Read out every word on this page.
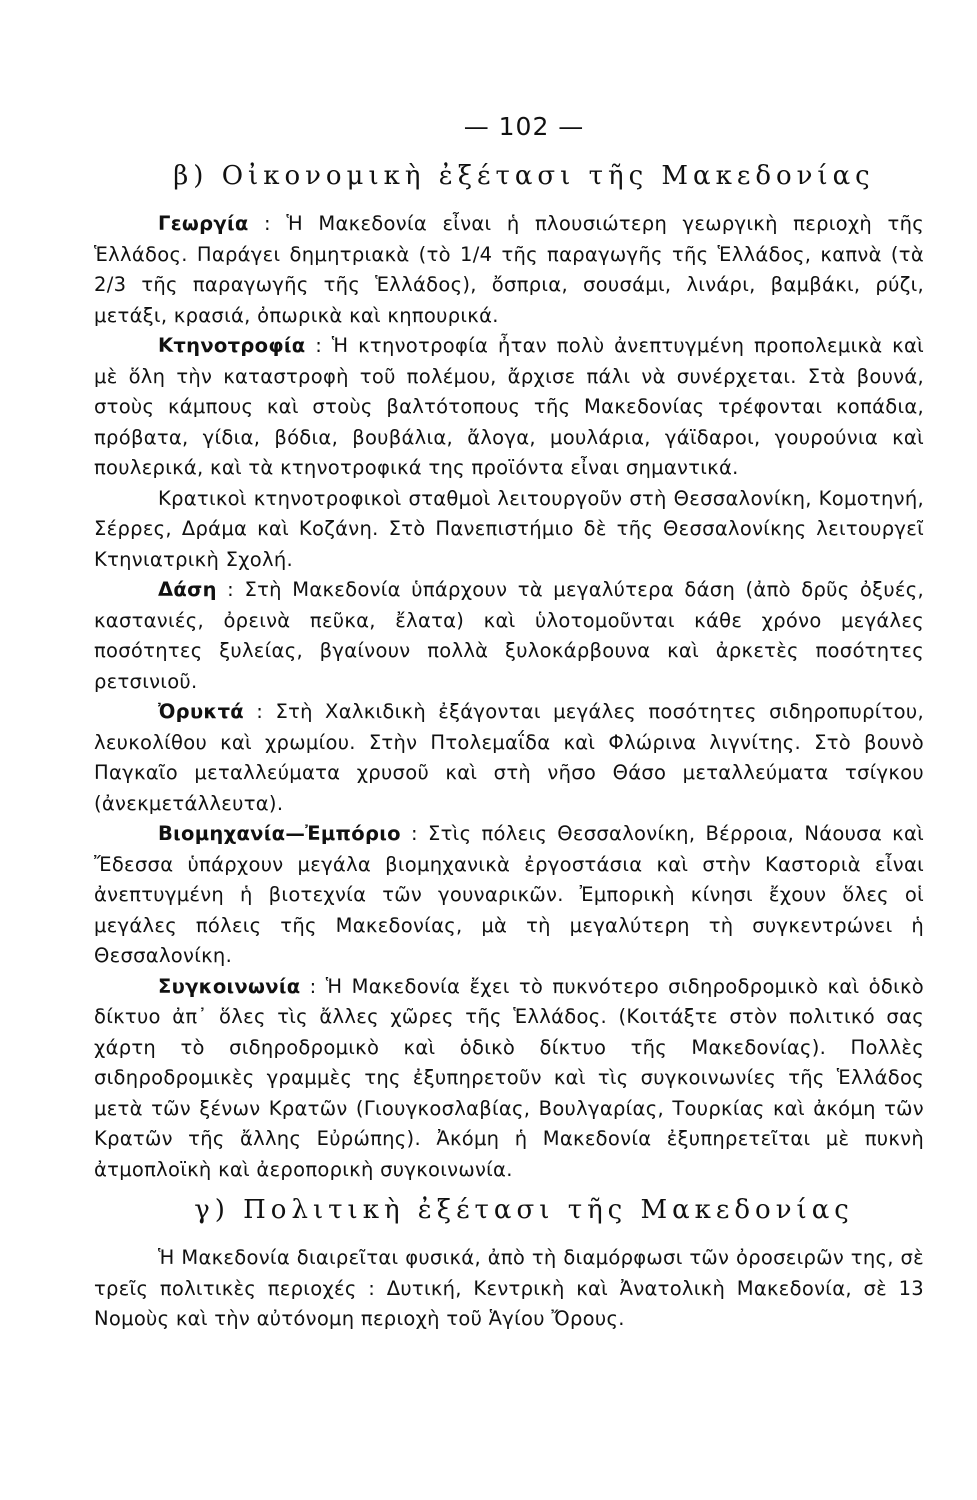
— 102 —
β) Οἰκονομικὴ ἐξέτασι τῆς Μακεδονίας

Γεωργία : Ἡ Μακεδονία εἶναι ἡ πλουσιώτερη γεωργικὴ περιοχὴ τῆς Ἑλλάδος. Παράγει δημητριακὰ (τὸ 1/4 τῆς παραγωγῆς τῆς Ἑλλάδος, καπνὰ (τὰ 2/3 τῆς παραγωγῆς τῆς Ἑλλάδος), ὄσπρια, σουσάμι, λινάρι, βαμβάκι, ρύζι, μετάξι, κρασιά, ὀπωρικὰ καὶ κηπουρικά.

Κτηνοτροφία : Ἡ κτηνοτροφία ἦταν πολὺ ἀνεπτυγμένη προπολεμικὰ καὶ μὲ ὅλη τὴν καταστροφὴ τοῦ πολέμου, ἄρχισε πάλι νὰ συνέρχεται. Στὰ βουνά, στοὺς κάμπους καὶ στοὺς βαλτότοπους τῆς Μακεδονίας τρέφονται κοπάδια, πρόβατα, γίδια, βόδια, βουβάλια, ἄλογα, μουλάρια, γάϊδαροι, γουρούνια καὶ πουλερικά, καὶ τὰ κτηνοτροφικά της προϊόντα εἶναι σημαντικά.

Κρατικοὶ κτηνοτροφικοὶ σταθμοὶ λειτουργοῦν στὴ Θεσσαλονίκη, Κομοτηνή, Σέρρες, Δράμα καὶ Κοζάνη. Στὸ Πανεπιστήμιο δὲ τῆς Θεσσαλονίκης λειτουργεῖ Κτηνιατρικὴ Σχολή.

Δάση : Στὴ Μακεδονία ὑπάρχουν τὰ μεγαλύτερα δάση (ἀπὸ δρῦς ὀξυές, καστανιές, ὀρεινὰ πεῦκα, ἔλατα) καὶ ὑλοτομοῦνται κάθε χρόνο μεγάλες ποσότητες ξυλείας, βγαίνουν πολλὰ ξυλοκάρβουνα καὶ ἀρκετὲς ποσότητες ρετσινιοῦ.

Ὀρυκτά : Στὴ Χαλκιδικὴ ἐξάγονται μεγάλες ποσότητες σιδηροπυρίτου, λευκολίθου καὶ χρωμίου. Στὴν Πτολεμαΐδα καὶ Φλώρινα λιγνίτης. Στὸ βουνὸ Παγκαῖο μεταλλεύματα χρυσοῦ καὶ στὴ νῆσο Θάσο μεταλλεύματα τσίγκου (ἀνεκμετάλλευτα).

Βιομηχανία—Ἐμπόριο : Στὶς πόλεις Θεσσαλονίκη, Βέρροια, Νάουσα καὶ Ἔδεσσα ὑπάρχουν μεγάλα βιομηχανικὰ ἐργοστάσια καὶ στὴν Καστοριὰ εἶναι ἀνεπτυγμένη ἡ βιοτεχνία τῶν γουναρικῶν. Ἐμπορικὴ κίνησι ἔχουν ὅλες οἱ μεγάλες πόλεις τῆς Μακεδονίας, μὰ τὴ μεγαλύτερη τὴ συγκεντρώνει ἡ Θεσσαλονίκη.

Συγκοινωνία : Ἡ Μακεδονία ἔχει τὸ πυκνότερο σιδηροδρομικὸ καὶ ὁδικὸ δίκτυο ἀπ᾿ ὅλες τὶς ἄλλες χῶρες τῆς Ἑλλάδος. (Κοιτάξτε στὸν πολιτικό σας χάρτη τὸ σιδηροδρομικὸ καὶ ὁδικὸ δίκτυο τῆς Μακεδονίας). Πολλὲς σιδηροδρομικὲς γραμμὲς της ἐξυπηρετοῦν καὶ τὶς συγκοινωνίες τῆς Ἑλλάδος μετὰ τῶν ξένων Κρατῶν (Γιουγκοσλαβίας, Βουλγαρίας, Τουρκίας καὶ ἀκόμη τῶν Κρατῶν τῆς ἄλλης Εὐρώπης). Ἀκόμη ἡ Μακεδονία ἐξυπηρετεῖται μὲ πυκνὴ ἀτμοπλοϊκὴ καὶ ἀεροπορικὴ συγκοινωνία.

γ) Πολιτικὴ ἐξέτασι τῆς Μακεδονίας

Ἡ Μακεδονία διαιρεῖται φυσικά, ἀπὸ τὴ διαμόρφωσι τῶν ὀροσειρῶν της, σὲ τρεῖς πολιτικὲς περιοχές : Δυτική, Κεντρικὴ καὶ Ἀνατολικὴ Μακεδονία, σὲ 13 Νομοὺς καὶ τὴν αὐτόνομη περιοχὴ τοῦ Ἁγίου Ὄρους.
